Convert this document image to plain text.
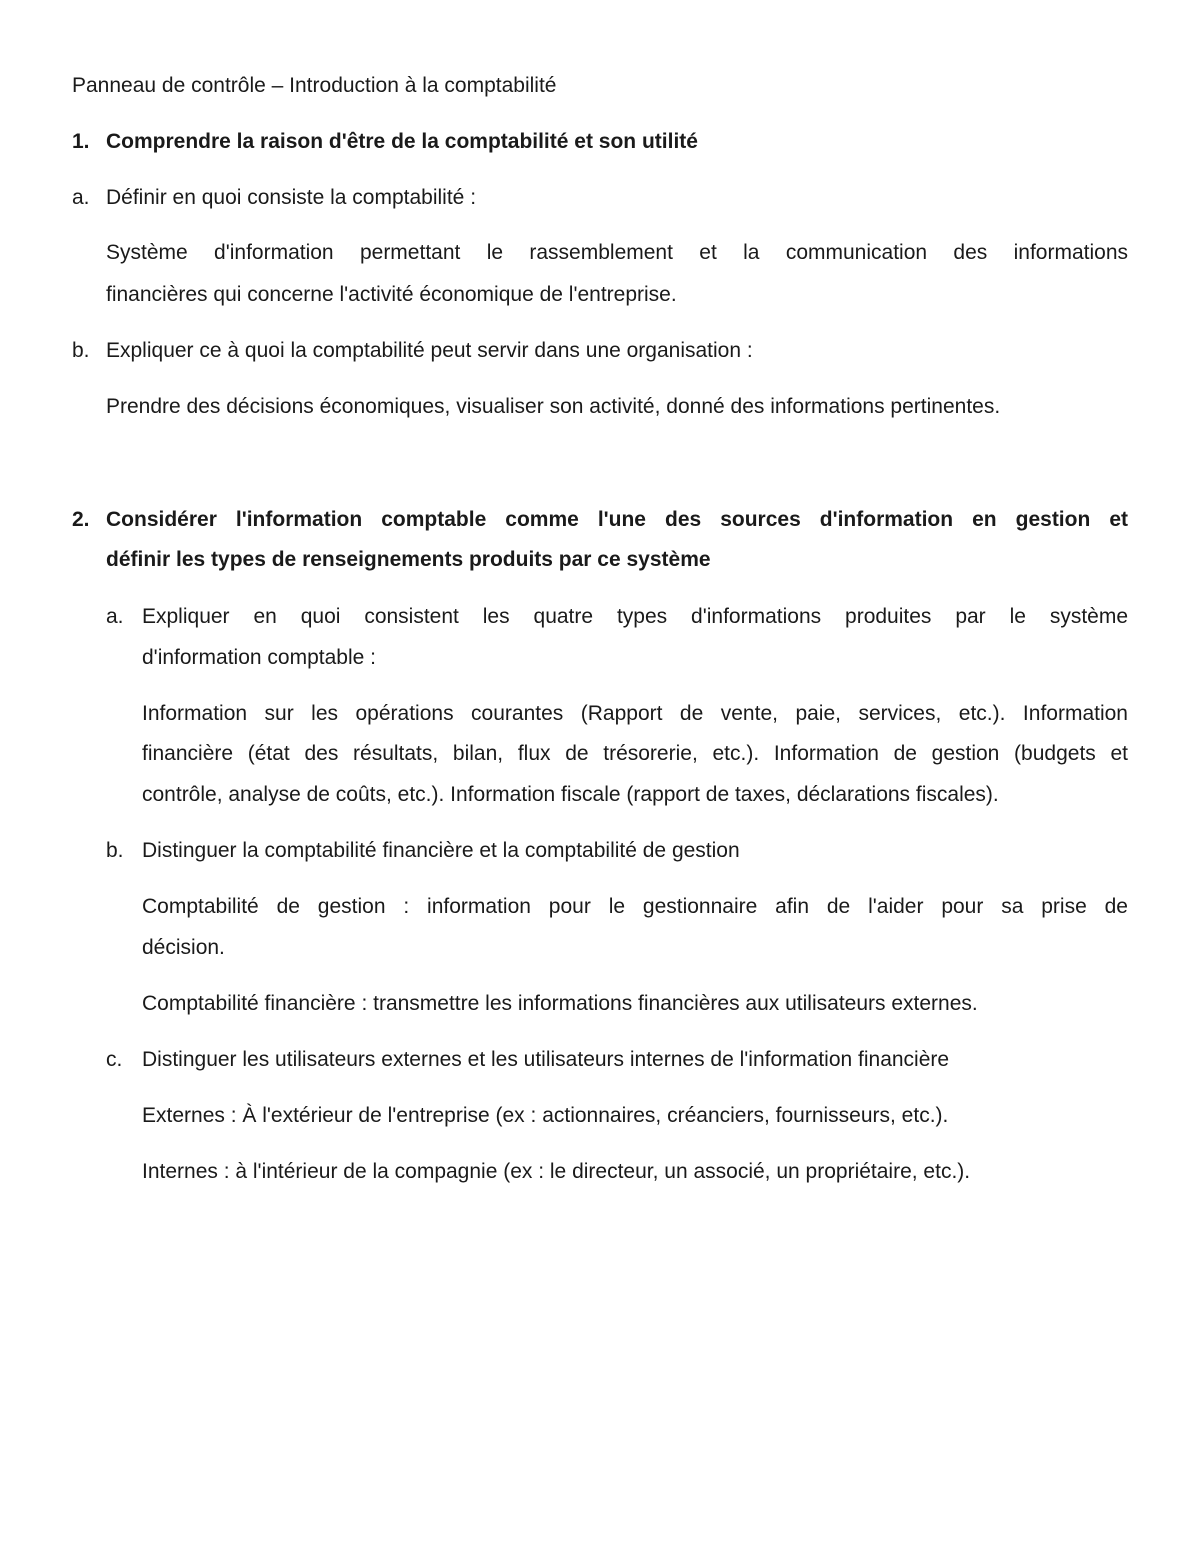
Panneau de contrôle – Introduction à la comptabilité
1. Comprendre la raison d'être de la comptabilité et son utilité
a. Définir en quoi consiste la comptabilité :
Système d'information permettant le rassemblement et la communication des informations
financières qui concerne l'activité économique de l'entreprise.
b. Expliquer ce à quoi la comptabilité peut servir dans une organisation :
Prendre des décisions économiques, visualiser son activité, donné des informations pertinentes.
2. Considérer l'information comptable comme l'une des sources d'information en gestion et
définir les types de renseignements produits par ce système
a. Expliquer en quoi consistent les quatre types d'informations produites par le système
d'information comptable :
Information sur les opérations courantes (Rapport de vente, paie, services, etc.). Information
financière (état des résultats, bilan, flux de trésorerie, etc.). Information de gestion (budgets et
contrôle, analyse de coûts, etc.). Information fiscale (rapport de taxes, déclarations fiscales).
b. Distinguer la comptabilité financière et la comptabilité de gestion
Comptabilité de gestion : information pour le gestionnaire afin de l'aider pour sa prise de
décision.
Comptabilité financière : transmettre les informations financières aux utilisateurs externes.
c. Distinguer les utilisateurs externes et les utilisateurs internes de l'information financière
Externes : À l'extérieur de l'entreprise (ex : actionnaires, créanciers, fournisseurs, etc.).
Internes : à l'intérieur de la compagnie (ex : le directeur, un associé, un propriétaire, etc.).
